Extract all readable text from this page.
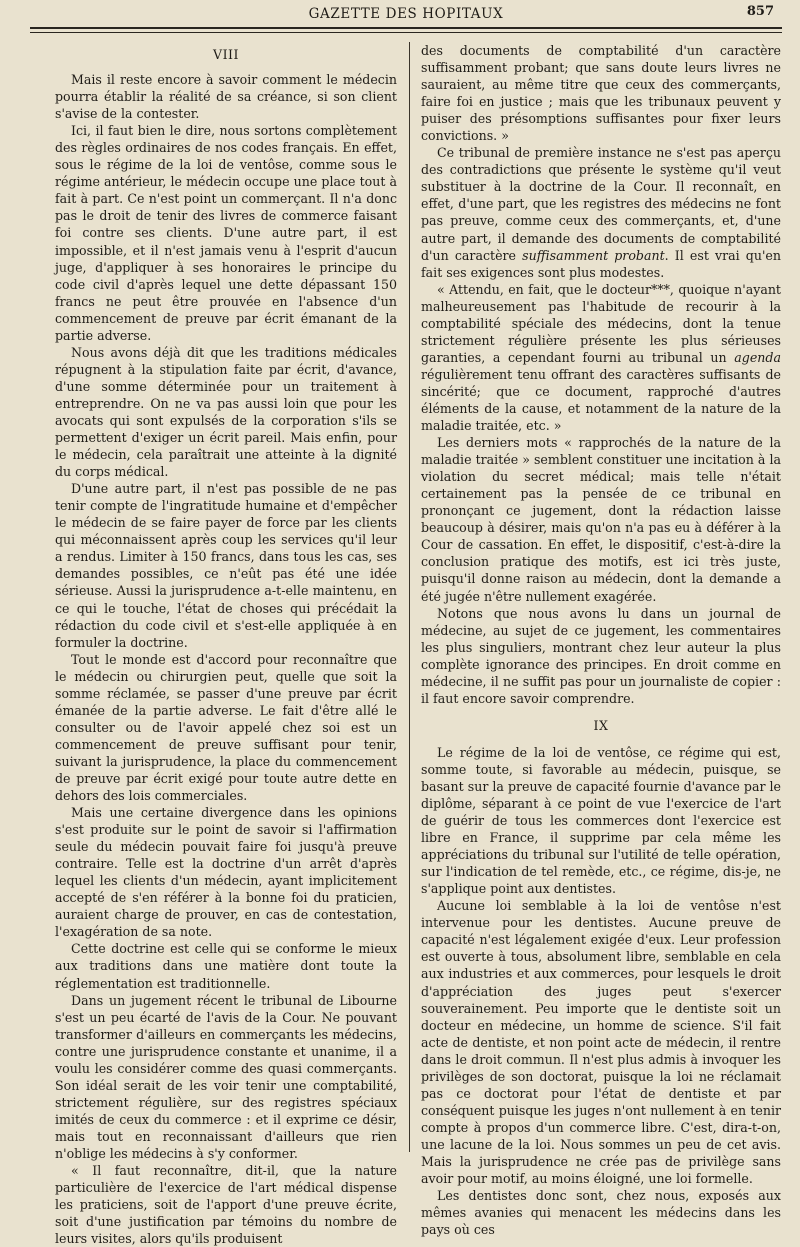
GAZETTE DES HOPITAUX	857
VIII

Mais il reste encore à savoir comment le médecin pourra établir la réalité de sa créance, si son client s'avise de la contester.

Ici, il faut bien le dire, nous sortons complètement des règles ordinaires de nos codes français. En effet, sous le régime de la loi de ventôse, comme sous le régime antérieur, le médecin occupe une place tout à fait à part. Ce n'est point un commerçant. Il n'a donc pas le droit de tenir des livres de commerce faisant foi contre ses clients. D'une autre part, il est impossible, et il n'est jamais venu à l'esprit d'aucun juge, d'appliquer à ses honoraires le principe du code civil d'après lequel une dette dépassant 150 francs ne peut être prouvée en l'absence d'un commencement de preuve par écrit émanant de la partie adverse.

Nous avons déjà dit que les traditions médicales répugnent à la stipulation faite par écrit, d'avance, d'une somme déterminée pour un traitement à entreprendre. On ne va pas aussi loin que pour les avocats qui sont expulsés de la corporation s'ils se permettent d'exiger un écrit pareil. Mais enfin, pour le médecin, cela paraîtrait une atteinte à la dignité du corps médical.

D'une autre part, il n'est pas possible de ne pas tenir compte de l'ingratitude humaine et d'empêcher le médecin de se faire payer de force par les clients qui méconnaissent après coup les services qu'il leur a rendus. Limiter à 150 francs, dans tous les cas, ses demandes possibles, ce n'eût pas été une idée sérieuse. Aussi la jurisprudence a-t-elle maintenu, en ce qui le touche, l'état de choses qui précédait la rédaction du code civil et s'est-elle appliquée à en formuler la doctrine.

Tout le monde est d'accord pour reconnaître que le médecin ou chirurgien peut, quelle que soit la somme réclamée, se passer d'une preuve par écrit émanée de la partie adverse. Le fait d'être allé le consulter ou de l'avoir appelé chez soi est un commencement de preuve suffisant pour tenir, suivant la jurisprudence, la place du commencement de preuve par écrit exigé pour toute autre dette en dehors des lois commerciales.

Mais une certaine divergence dans les opinions s'est produite sur le point de savoir si l'affirmation seule du médecin pouvait faire foi jusqu'à preuve contraire. Telle est la doctrine d'un arrêt d'après lequel les clients d'un médecin, ayant implicitement accepté de s'en référer à la bonne foi du praticien, auraient charge de prouver, en cas de contestation, l'exagération de sa note.

Cette doctrine est celle qui se conforme le mieux aux traditions dans une matière dont toute la réglementation est traditionnelle.

Dans un jugement récent le tribunal de Libourne s'est un peu écarté de l'avis de la Cour. Ne pouvant transformer d'ailleurs en commerçants les médecins, contre une jurisprudence constante et unanime, il a voulu les considérer comme des quasi commerçants. Son idéal serait de les voir tenir une comptabilité, strictement régulière, sur des registres spéciaux imités de ceux du commerce : et il exprime ce désir, mais tout en reconnaissant d'ailleurs que rien n'oblige les médecins à s'y conformer.

« Il faut reconnaître, dit-il, que la nature particulière de l'exercice de l'art médical dispense les praticiens, soit de l'apport d'une preuve écrite, soit d'une justification par témoins du nombre de leurs visites, alors qu'ils produisent

des documents de comptabilité d'un caractère suffisamment probant; que sans doute leurs livres ne sauraient, au même titre que ceux des commerçants, faire foi en justice ; mais que les tribunaux peuvent y puiser des présomptions suffisantes pour fixer leurs convictions. »

Ce tribunal de première instance ne s'est pas aperçu des contradictions que présente le système qu'il veut substituer à la doctrine de la Cour. Il reconnaît, en effet, d'une part, que les registres des médecins ne font pas preuve, comme ceux des commerçants, et, d'une autre part, il demande des documents de comptabilité d'un caractère suffisamment probant. Il est vrai qu'en fait ses exigences sont plus modestes.

« Attendu, en fait, que le docteur***, quoique n'ayant malheureusement pas l'habitude de recourir à la comptabilité spéciale des médecins, dont la tenue strictement régulière présente les plus sérieuses garanties, a cependant fourni au tribunal un agenda régulièrement tenu offrant des caractères suffisants de sincérité; que ce document, rapproché d'autres éléments de la cause, et notamment de la nature de la maladie traitée, etc. »

Les derniers mots « rapprochés de la nature de la maladie traitée » semblent constituer une incitation à la violation du secret médical; mais telle n'était certainement pas la pensée de ce tribunal en prononçant ce jugement, dont la rédaction laisse beaucoup à désirer, mais qu'on n'a pas eu à déférer à la Cour de cassation. En effet, le dispositif, c'est-à-dire la conclusion pratique des motifs, est ici très juste, puisqu'il donne raison au médecin, dont la demande a été jugée n'être nullement exagérée.

Notons que nous avons lu dans un journal de médecine, au sujet de ce jugement, les commentaires les plus singuliers, montrant chez leur auteur la plus complète ignorance des principes. En droit comme en médecine, il ne suffit pas pour un journaliste de copier : il faut encore savoir comprendre.

IX

Le régime de la loi de ventôse, ce régime qui est, somme toute, si favorable au médecin, puisque, se basant sur la preuve de capacité fournie d'avance par le diplôme, séparant à ce point de vue l'exercice de l'art de guérir de tous les commerces dont l'exercice est libre en France, il supprime par cela même les appréciations du tribunal sur l'utilité de telle opération, sur l'indication de tel remède, etc., ce régime, dis-je, ne s'applique point aux dentistes.

Aucune loi semblable à la loi de ventôse n'est intervenue pour les dentistes. Aucune preuve de capacité n'est légalement exigée d'eux. Leur profession est ouverte à tous, absolument libre, semblable en cela aux industries et aux commerces, pour lesquels le droit d'appréciation des juges peut s'exercer souverainement. Peu importe que le dentiste soit un docteur en médecine, un homme de science. S'il fait acte de dentiste, et non point acte de médecin, il rentre dans le droit commun. Il n'est plus admis à invoquer les privilèges de son doctorat, puisque la loi ne réclamait pas ce doctorat pour l'état de dentiste et par conséquent puisque les juges n'ont nullement à en tenir compte à propos d'un commerce libre. C'est, dira-t-on, une lacune de la loi. Nous sommes un peu de cet avis. Mais la jurisprudence ne crée pas de privilège sans avoir pour motif, au moins éloigné, une loi formelle.

Les dentistes donc sont, chez nous, exposés aux mêmes avanies qui menacent les médecins dans les pays où ces
